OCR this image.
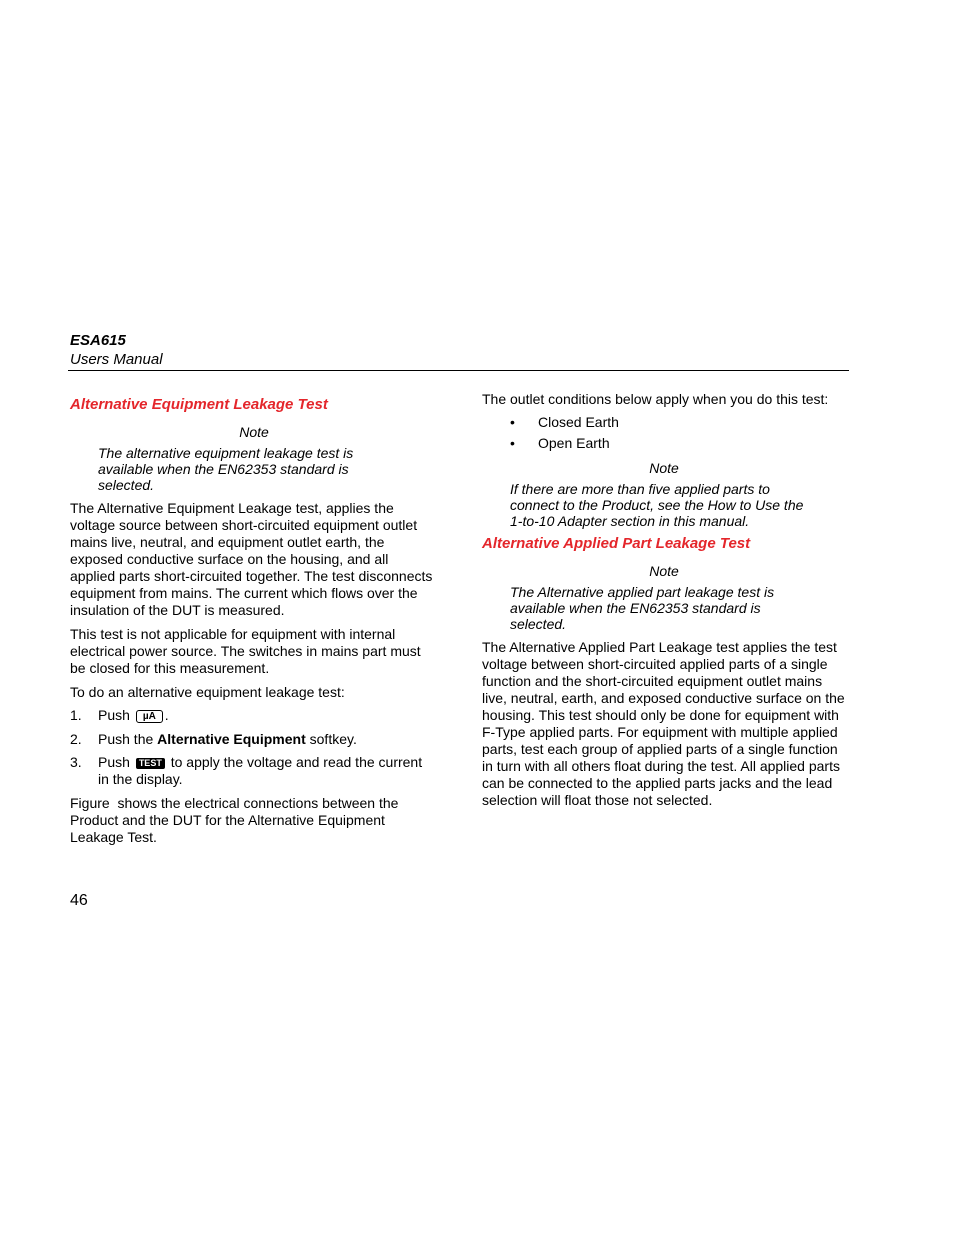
ESA615
Users Manual
Alternative Equipment Leakage Test
Note
The alternative equipment leakage test is
available when the EN62353 standard is
selected.
The Alternative Equipment Leakage test, applies the
voltage source between short-circuited equipment outlet
mains live, neutral, and equipment outlet earth, the
exposed conductive surface on the housing, and all
applied parts short-circuited together. The test disconnects
equipment from mains. The current which flows over the
insulation of the DUT is measured.
This test is not applicable for equipment with internal
electrical power source. The switches in mains part must
be closed for this measurement.
To do an alternative equipment leakage test:
1. Push µA .
2. Push the Alternative Equipment softkey.
3. Push TEST to apply the voltage and read the current
in the display.
Figure  shows the electrical connections between the
Product and the DUT for the Alternative Equipment
Leakage Test.
The outlet conditions below apply when you do this test:
• Closed Earth
• Open Earth
Note
If there are more than five applied parts to
connect to the Product, see the How to Use the
1-to-10 Adapter section in this manual.
Alternative Applied Part Leakage Test
Note
The Alternative applied part leakage test is
available when the EN62353 standard is
selected.
The Alternative Applied Part Leakage test applies the test
voltage between short-circuited applied parts of a single
function and the short-circuited equipment outlet mains
live, neutral, earth, and exposed conductive surface on the
housing. This test should only be done for equipment with
F-Type applied parts. For equipment with multiple applied
parts, test each group of applied parts of a single function
in turn with all others float during the test. All applied parts
can be connected to the applied parts jacks and the lead
selection will float those not selected.
46
